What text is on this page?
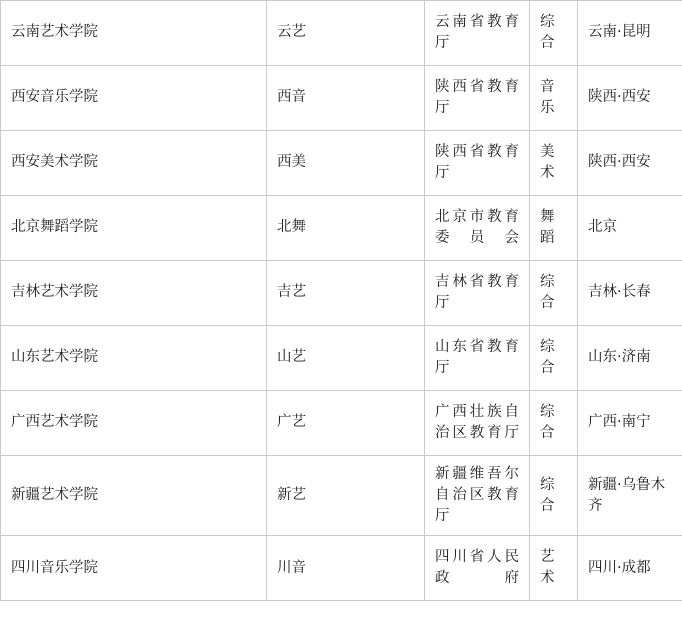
云南艺术学院	云艺	云南省教育厅	综合	云南·昆明
西安音乐学院	西音	陕西省教育厅	音乐	陕西·西安
西安美术学院	西美	陕西省教育厅	美术	陕西·西安
北京舞蹈学院	北舞	北京市教育委员会	舞蹈	北京
吉林艺术学院	吉艺	吉林省教育厅	综合	吉林·长春
山东艺术学院	山艺	山东省教育厅	综合	山东·济南
广西艺术学院	广艺	广西壮族自治区教育厅	综合	广西·南宁
新疆艺术学院	新艺	新疆维吾尔自治区教育厅	综合	新疆·乌鲁木齐
四川音乐学院	川音	四川省人民政府	艺术	四川·成都
